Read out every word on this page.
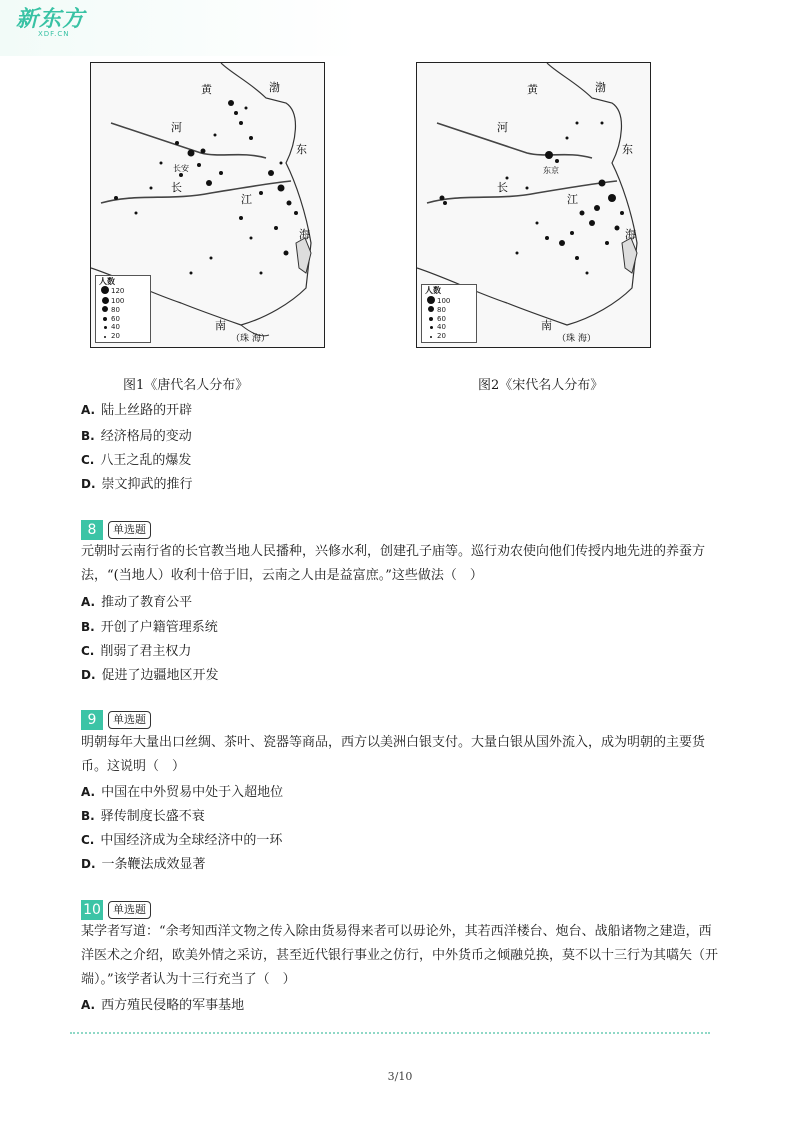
新东方
XDF.CN
黄
河
长
江
渤
东
海
南
（珠 海）
长安
人数
120
100
80
60
40
20
黄
河
长
江
渤
东
海
南
（珠 海）
东京
人数
100
80
60
40
20
图1《唐代名人分布》	图2《宋代名人分布》
A. 陆上丝路的开辟
B. 经济格局的变动
C. 八王之乱的爆发
D. 崇文抑武的推行
8	单选题
元朝时云南行省的长官教当地人民播种，兴修水利，创建孔子庙等。巡行劝农使向他们传授内地先进的养蚕方法，“(当地人）收利十倍于旧，云南之人由是益富庶。”这些做法（　）
A. 推动了教育公平
B. 开创了户籍管理系统
C. 削弱了君主权力
D. 促进了边疆地区开发
9	单选题
明朝每年大量出口丝绸、茶叶、瓷器等商品，西方以美洲白银支付。大量白银从国外流入，成为明朝的主要货币。这说明（　）
A. 中国在中外贸易中处于入超地位
B. 驿传制度长盛不衰
C. 中国经济成为全球经济中的一环
D. 一条鞭法成效显著
10	单选题
某学者写道：“余考知西洋文物之传入除由货易得来者可以毋论外，其若西洋楼台、炮台、战船诸物之建造，西洋医术之介绍，欧美外情之采访，甚至近代银行事业之仿行，中外货币之倾融兑换，莫不以十三行为其嚆矢（开端）。”该学者认为十三行充当了（　）
A. 西方殖民侵略的军事基地
3/10
